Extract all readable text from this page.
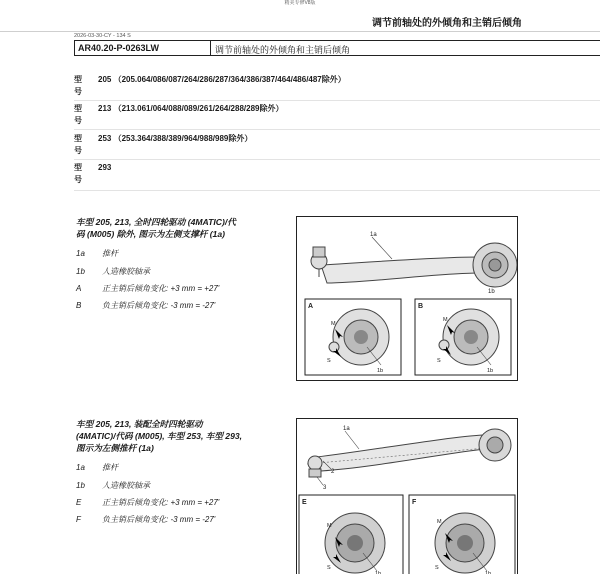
精美专修V8版
调节前轴处的外倾角和主销后倾角
2026-03-30-CY - 134 S
AR40.20-P-0263LW	调节前轴处的外倾角和主销后倾角
型
号
205 （205.064/086/087/264/286/287/364/386/387/464/486/487除外）
型
号
213 （213.061/064/088/089/261/264/288/289除外）
型
号
253 （253.364/388/389/964/988/989除外）
型
号
293
车型 205, 213, 全时四轮驱动 (4MATIC)/代
码 (M005) 除外, 图示为左侧支撑杆 (1a)
1a	推杆
1b	人造橡胶轴承
A	正主销后倾角变化: +3 mm = +27'
B	负主销后倾角变化: -3 mm = -27'
1a
1b
A
M
S
1b
B
M
S
1b
车型 205, 213, 装配全时四轮驱动
(4MATIC)/代码 (M005), 车型 253, 车型 293,
图示为左侧推杆 (1a)
1a	推杆
1b	人造橡胶轴承
E	正主销后倾角变化: +3 mm = +27'
F	负主销后倾角变化: -3 mm = -27'
1a
2
3
E
M
S
1b
F
M
S
1b
